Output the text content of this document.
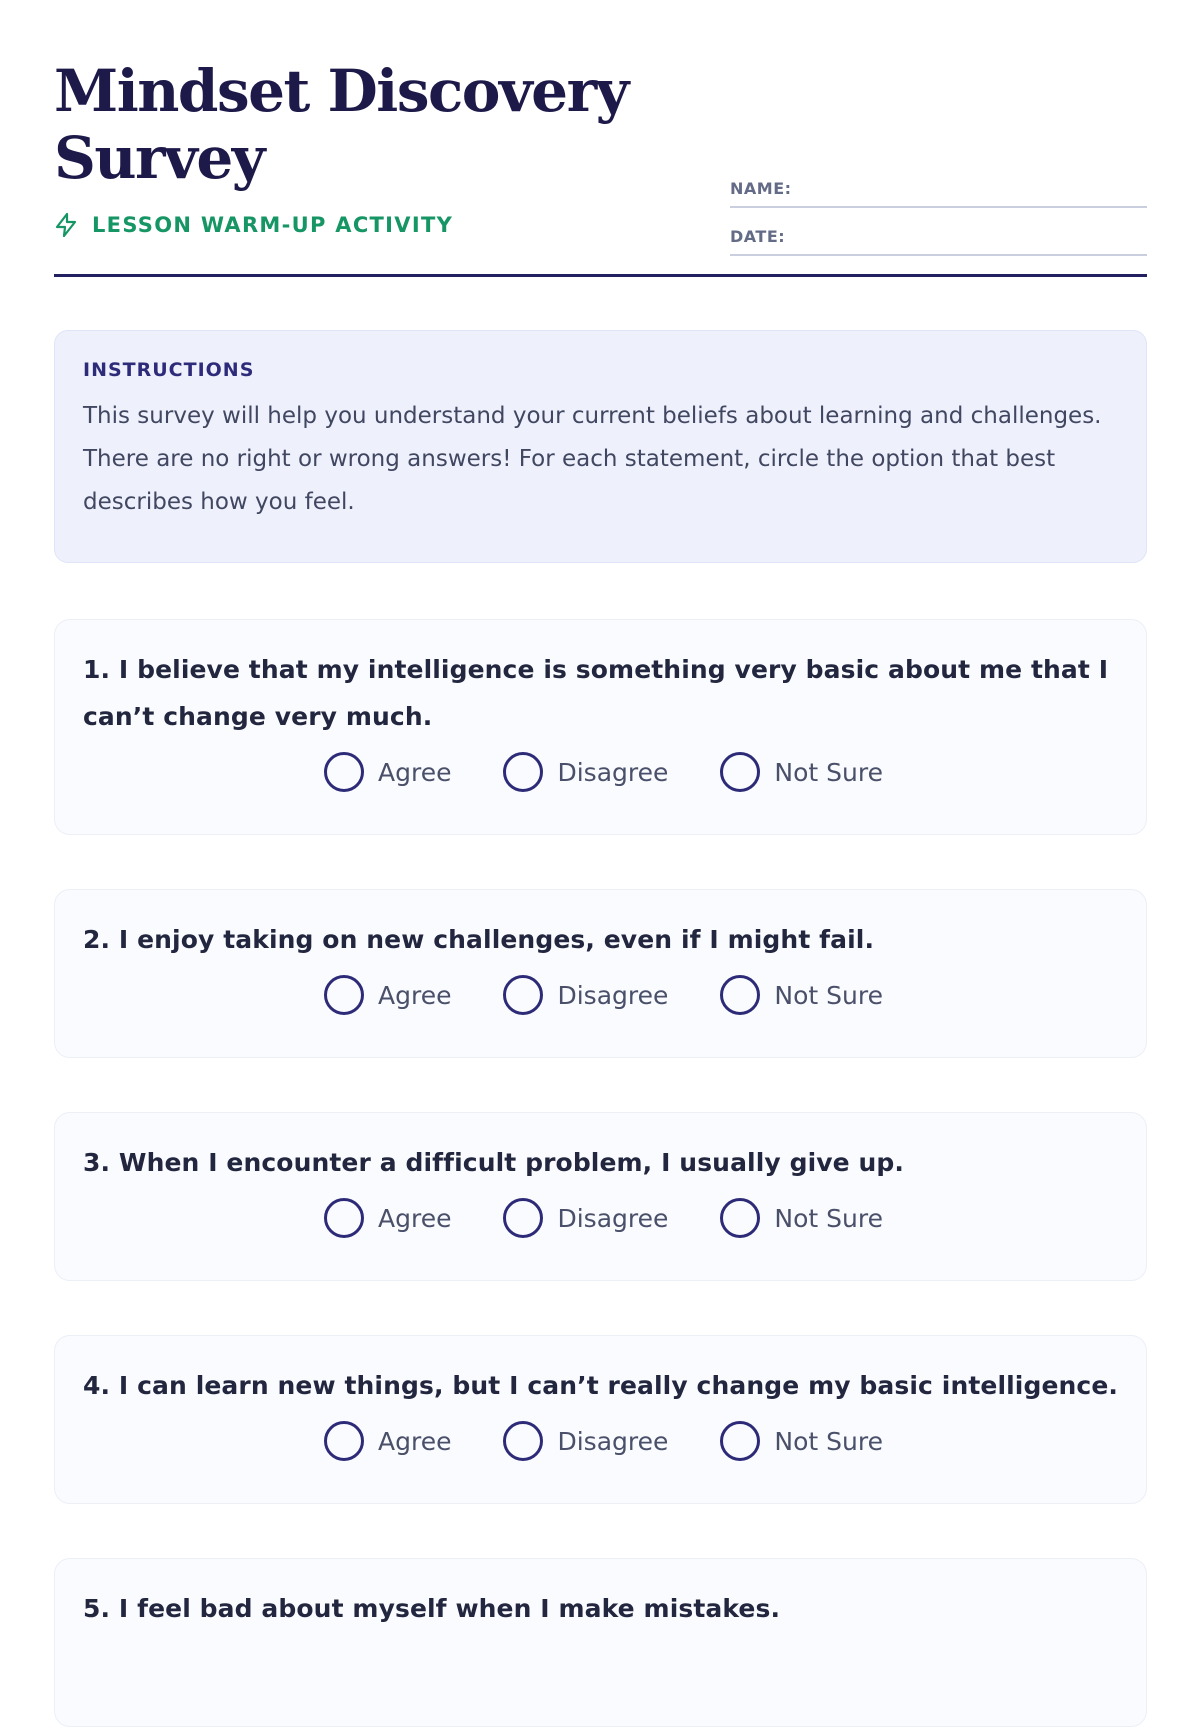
Mindset Discovery
Survey
LESSON WARM-UP ACTIVITY
NAME:
DATE:
INSTRUCTIONS
This survey will help you understand your current beliefs about learning and challenges. There are no right or wrong answers! For each statement, circle the option that best describes how you feel.
1. I believe that my intelligence is something very basic about me that I can’t change very much.
Agree	Disagree	Not Sure
2. I enjoy taking on new challenges, even if I might fail.
Agree	Disagree	Not Sure
3. When I encounter a difficult problem, I usually give up.
Agree	Disagree	Not Sure
4. I can learn new things, but I can’t really change my basic intelligence.
Agree	Disagree	Not Sure
5. I feel bad about myself when I make mistakes.
